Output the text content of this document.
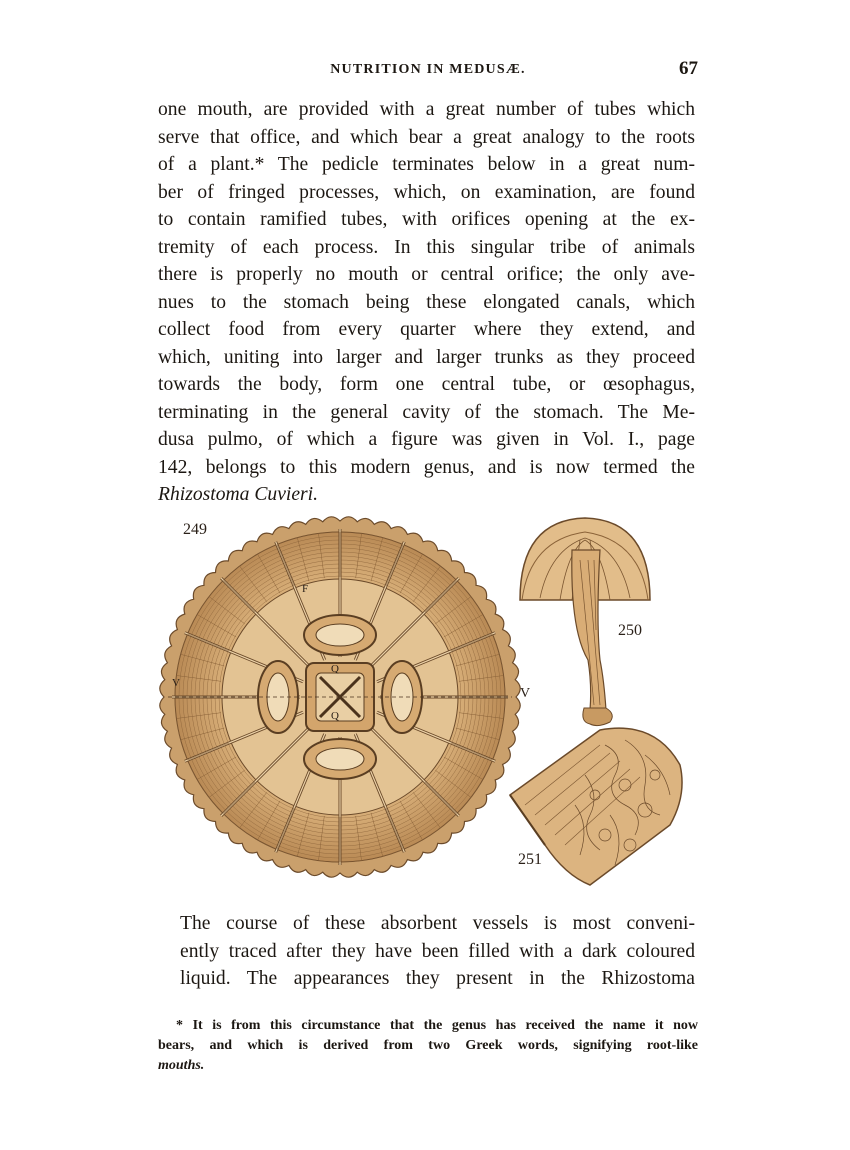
NUTRITION IN MEDUSÆ.	67
one mouth, are provided with a great number of tubes which
serve that office, and which bear a great analogy to the roots
of a plant.* The pedicle terminates below in a great num-
ber of fringed processes, which, on examination, are found
to contain ramified tubes, with orifices opening at the ex-
tremity of each process. In this singular tribe of animals
there is properly no mouth or central orifice; the only ave-
nues to the stomach being these elongated canals, which
collect food from every quarter where they extend, and
which, uniting into larger and larger trunks as they proceed
towards the body, form one central tube, or œsophagus,
terminating in the general cavity of the stomach. The Me-
dusa pulmo, of which a figure was given in Vol. I., page
142, belongs to this modern genus, and is now termed the
Rhizostoma Cuvieri.
249
250
251
V
V
Q
Q
F
The course of these absorbent vessels is most conveni-
ently traced after they have been filled with a dark coloured
liquid. The appearances they present in the Rhizostoma
* It is from this circumstance that the genus has received the name it now
bears, and which is derived from two Greek words, signifying root-like
mouths.
